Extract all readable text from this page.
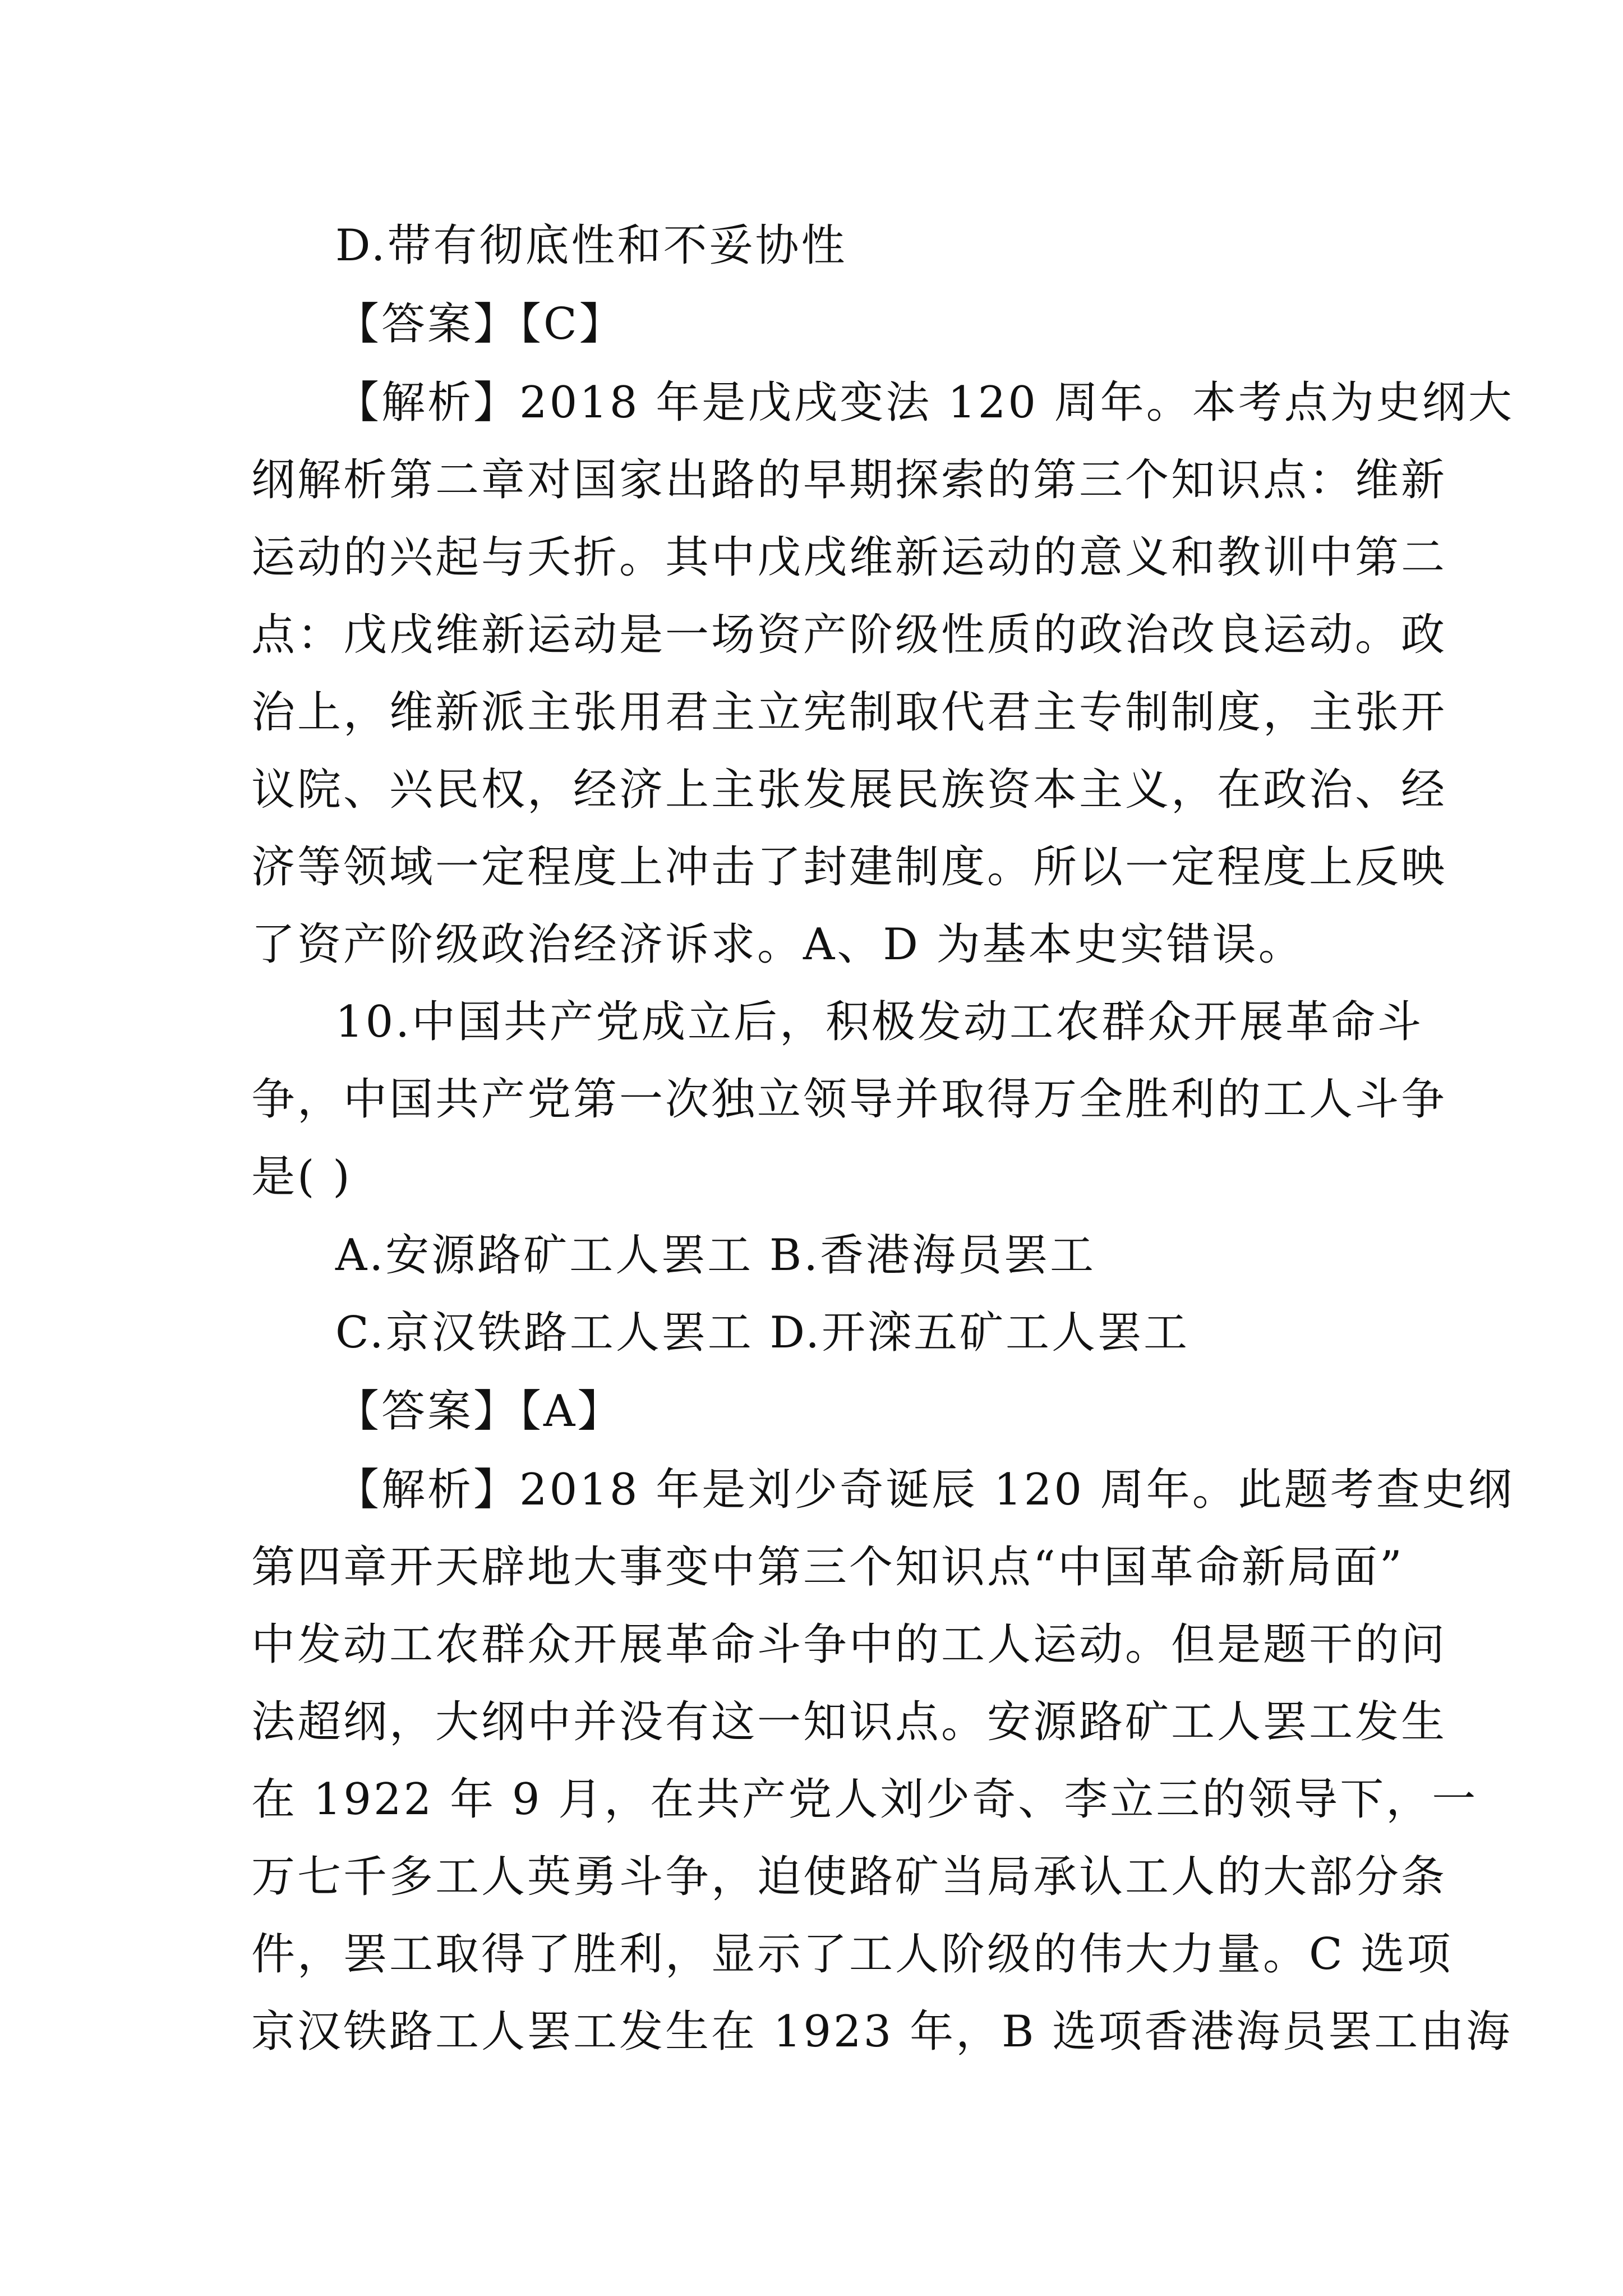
D.带有彻底性和不妥协性
【答案】【C】
【解析】2018 年是戊戌变法 120 周年。本考点为史纲大
纲解析第二章对国家出路的早期探索的第三个知识点：维新
运动的兴起与夭折。其中戊戌维新运动的意义和教训中第二
点：戊戌维新运动是一场资产阶级性质的政治改良运动。政
治上，维新派主张用君主立宪制取代君主专制制度，主张开
议院、兴民权，经济上主张发展民族资本主义，在政治、经
济等领域一定程度上冲击了封建制度。所以一定程度上反映
了资产阶级政治经济诉求。A、D 为基本史实错误。
10.中国共产党成立后，积极发动工农群众开展革命斗
争，中国共产党第一次独立领导并取得万全胜利的工人斗争
是( )
A.安源路矿工人罢工 B.香港海员罢工
C.京汉铁路工人罢工 D.开滦五矿工人罢工
【答案】【A】
【解析】2018 年是刘少奇诞辰 120 周年。此题考查史纲
第四章开天辟地大事变中第三个知识点“中国革命新局面”
中发动工农群众开展革命斗争中的工人运动。但是题干的问
法超纲，大纲中并没有这一知识点。安源路矿工人罢工发生
在 1922 年 9 月，在共产党人刘少奇、李立三的领导下，一
万七千多工人英勇斗争，迫使路矿当局承认工人的大部分条
件，罢工取得了胜利，显示了工人阶级的伟大力量。C 选项
京汉铁路工人罢工发生在 1923 年，B 选项香港海员罢工由海
